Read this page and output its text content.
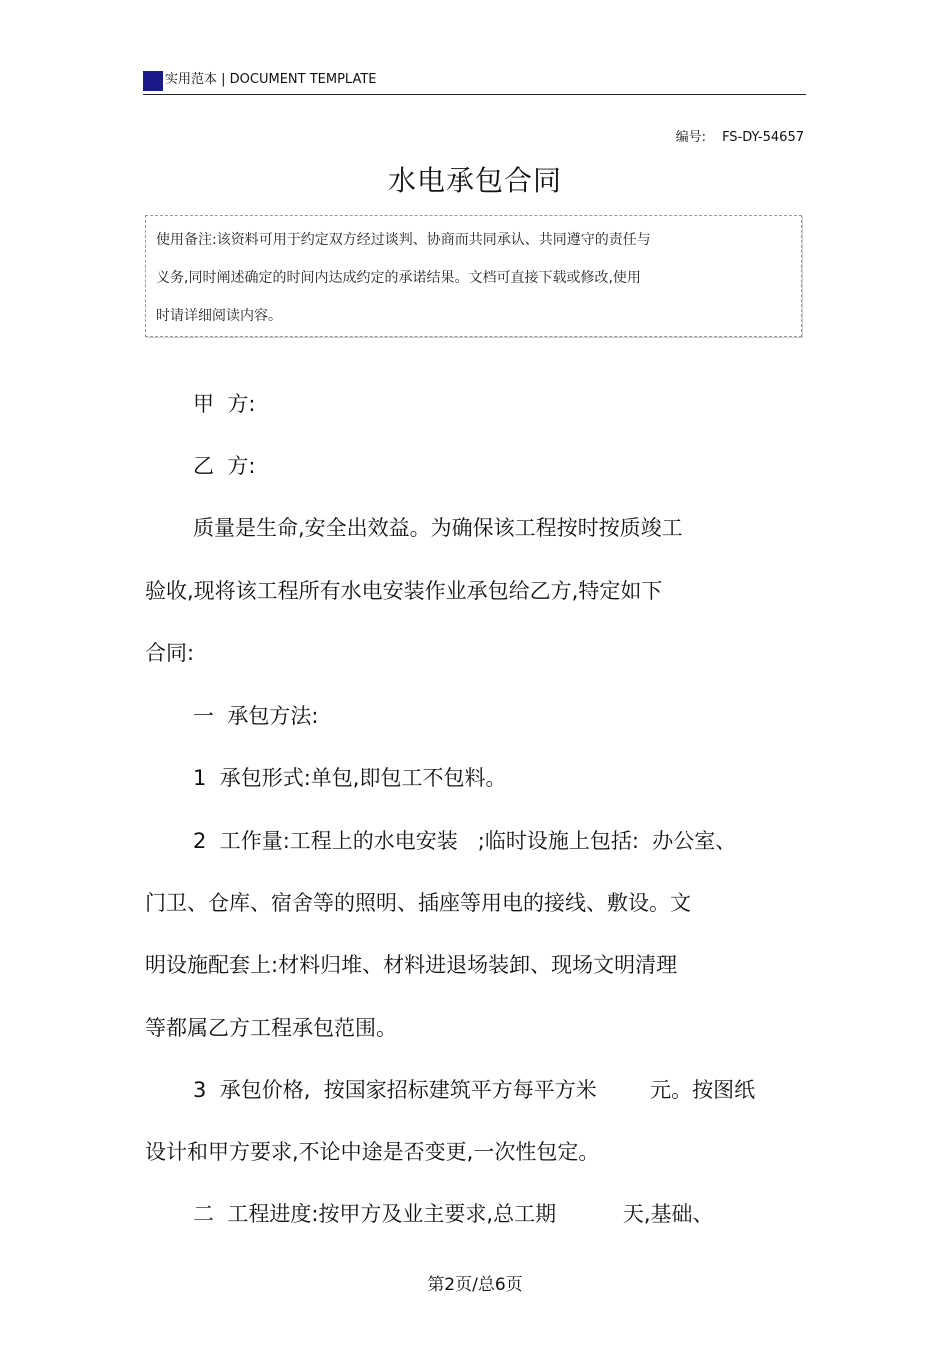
实用范本 | DOCUMENT TEMPLATE
编号: FS-DY-54657
水电承包合同
使用备注:该资料可用于约定双方经过谈判、协商而共同承认、共同遵守的责任与
义务,同时阐述确定的时间内达成约定的承诺结果。文档可直接下载或修改,使用
时请详细阅读内容。
甲  方:
乙  方:
质量是生命,安全出效益。为确保该工程按时按质竣工
验收,现将该工程所有水电安装作业承包给乙方,特定如下
合同:
一  承包方法:
1  承包形式:单包,即包工不包料。
2  工作量:工程上的水电安装   ;临时设施上包括:  办公室、
门卫、仓库、宿舍等的照明、插座等用电的接线、敷设。文
明设施配套上:材料归堆、材料进退场装卸、现场文明清理
等都属乙方工程承包范围。
3  承包价格,  按国家招标建筑平方每平方米        元。按图纸
设计和甲方要求,不论中途是否变更,一次性包定。
二  工程进度:按甲方及业主要求,总工期          天,基础、
第2页/总6页
